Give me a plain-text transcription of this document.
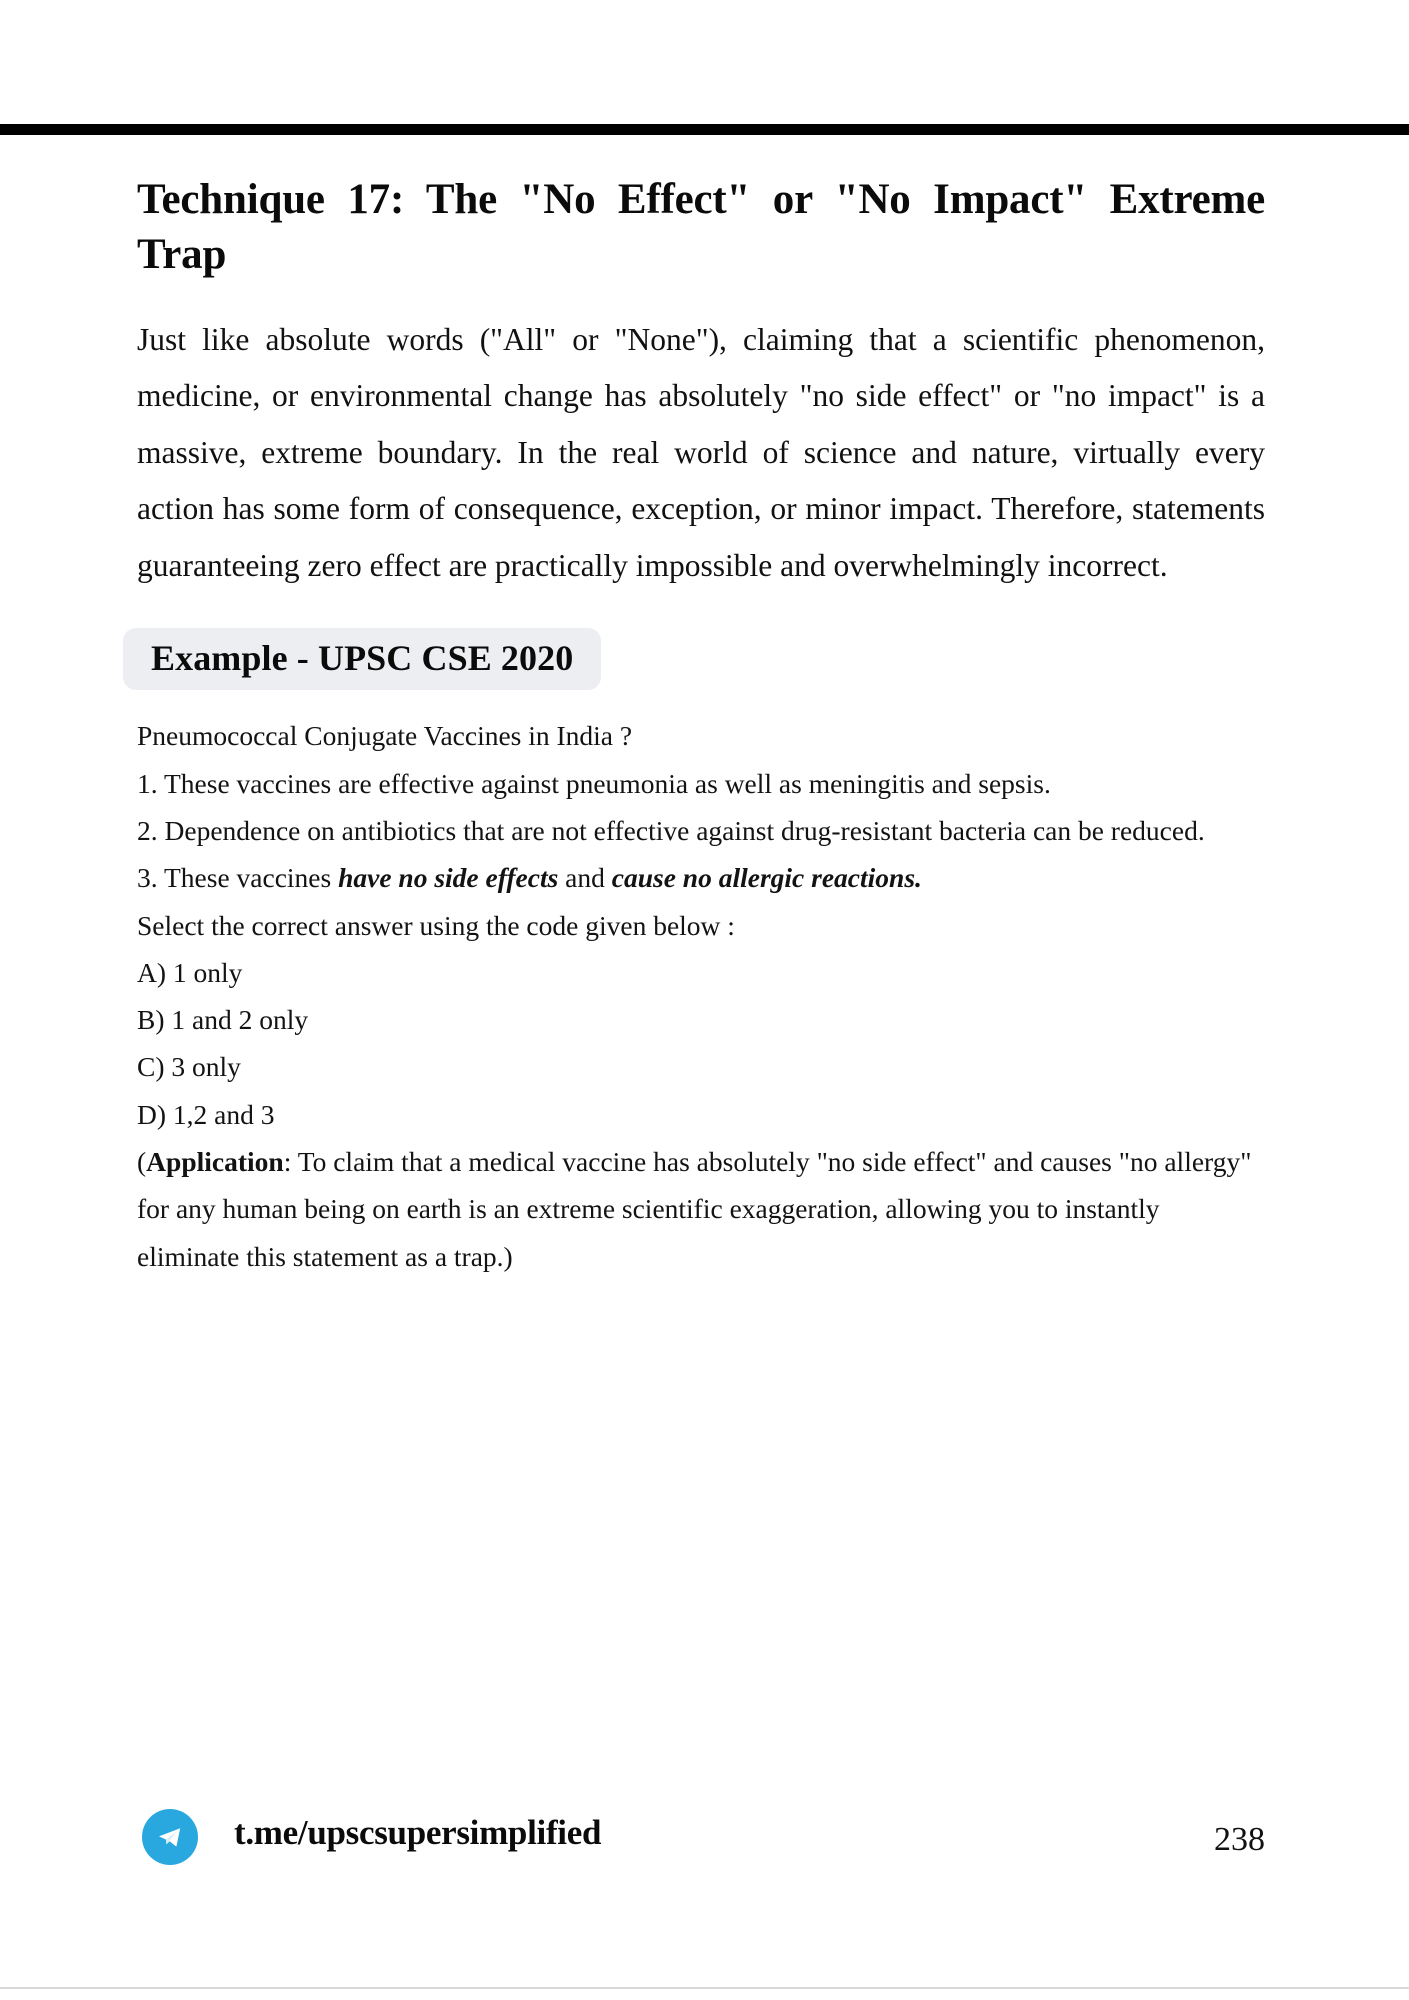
Technique 17: The "No Effect" or "No Impact" Extreme Trap

Just like absolute words ("All" or "None"), claiming that a scientific phenomenon, medicine, or environmental change has absolutely "no side effect" or "no impact" is a massive, extreme boundary. In the real world of science and nature, virtually every action has some form of consequence, exception, or minor impact. Therefore, statements guaranteeing zero effect are practically impossible and overwhelmingly incorrect.

Example - UPSC CSE 2020

Pneumococcal Conjugate Vaccines in India ?

1. These vaccines are effective against pneumonia as well as meningitis and sepsis.

2. Dependence on antibiotics that are not effective against drug-resistant bacteria can be reduced.

3. These vaccines have no side effects and cause no allergic reactions.

Select the correct answer using the code given below :

A) 1 only

B) 1 and 2 only

C) 3 only

D) 1,2 and 3

(Application: To claim that a medical vaccine has absolutely "no side effect" and causes "no allergy" for any human being on earth is an extreme scientific exaggeration, allowing you to instantly eliminate this statement as a trap.)

t.me/upscsupersimplified	238
